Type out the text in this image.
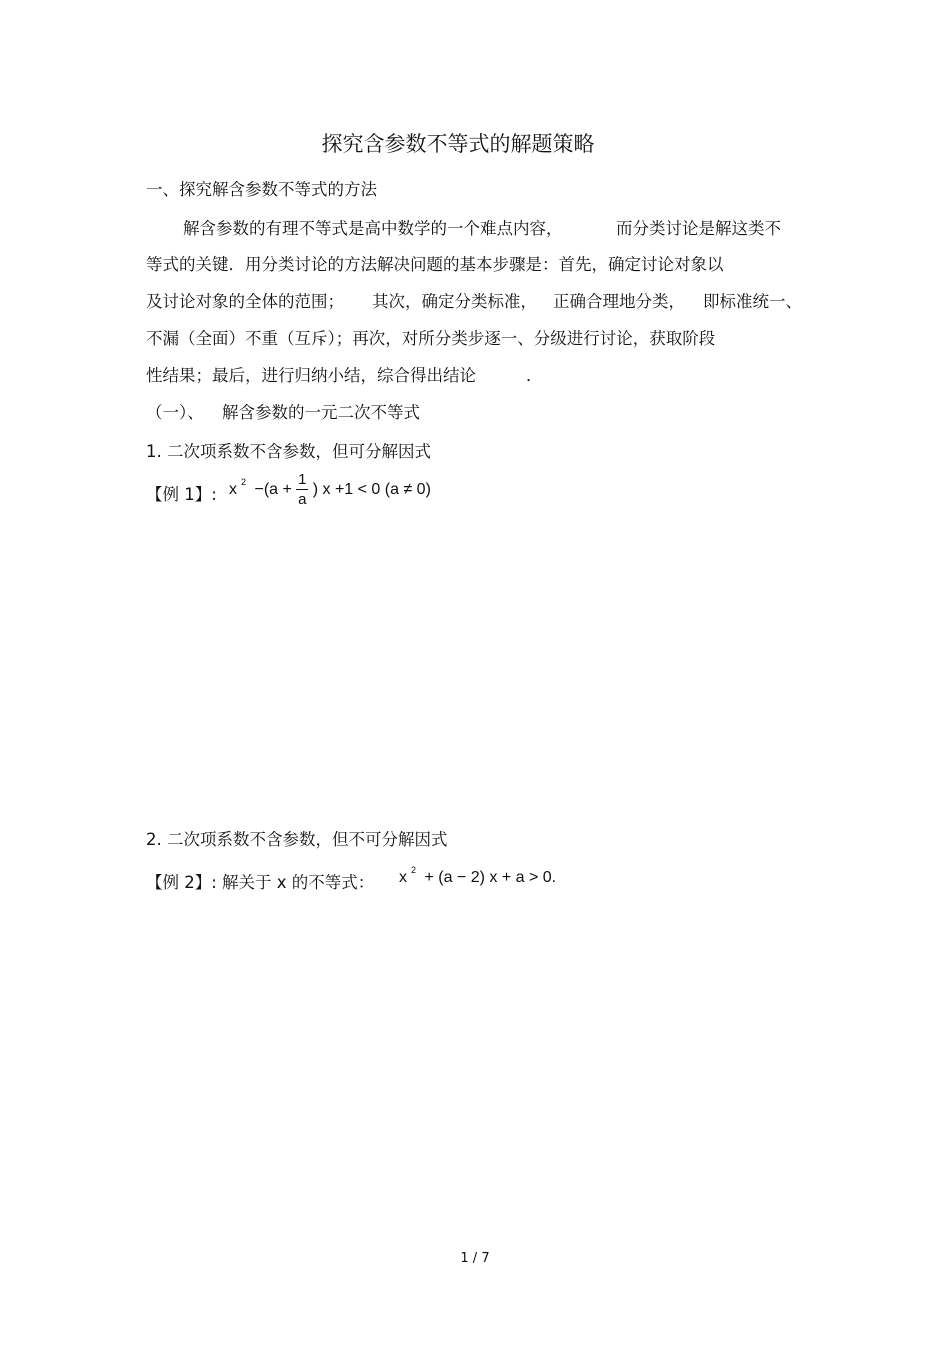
探究含参数不等式的解题策略
一、探究解含参数不等式的方法
解含参数的有理不等式是高中数学的一个难点内容，	而分类讨论是解这类不
等式的关键．用分类讨论的方法解决问题的基本步骤是：首先，确定讨论对象以
及讨论对象的全体的范围； 其次，确定分类标准， 正确合理地分类， 即标准统一、
不漏（全面）不重（互斥）；再次，对所分类步逐一、分级进行讨论，获取阶段
性结果；最后，进行归纳小结，综合得出结论	．
（一）、 解含参数的一元二次不等式
1. 二次项系数不含参数，但可分解因式
【例 1】: x $^2 -(a + \frac{1}{a}$ ) x +1 < 0 (a ≠ 0)
2. 二次项系数不含参数，但不可分解因式
【例 2】: 解关于 x 的不等式： x $^2$ + (a − 2) x + a > 0.
1 / 7
